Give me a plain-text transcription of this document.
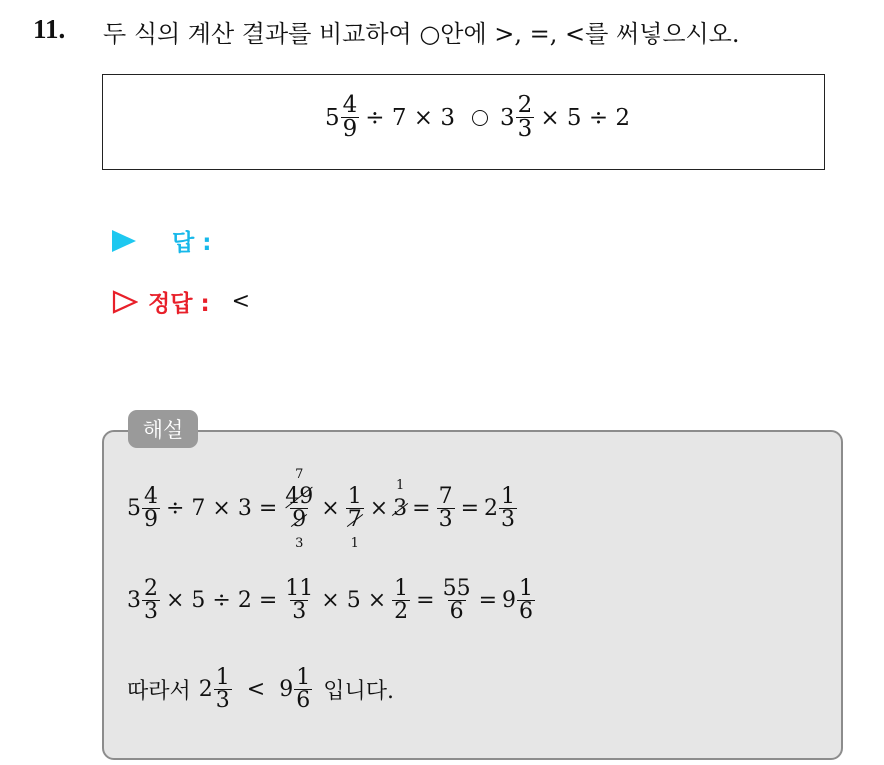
11. 두 식의 계산 결과를 비교하여 ○안에 >, =, <를 써넣으시오.
$5 \frac{4}{9} \div 7 \times 3$ $3 \frac{2}{3} \times 5 \div 2$
답 :
정답 : <
해설
$5 \frac{4}{9} \div 7 \times 3 = 7$
49
9
3 × 1
7
1 ×
1
$3 = \frac{7}{3} = 2 \frac{1}{3}$
$3 \frac{2}{3} \times 5 \div 2 = \frac{11}{3} \times 5 \times \frac{1}{2} = \frac{55}{6} = 9 \frac{1}{6}$
따라서 $2 \frac{1}{3} < 9 \frac{1}{6}$ 입니다.
